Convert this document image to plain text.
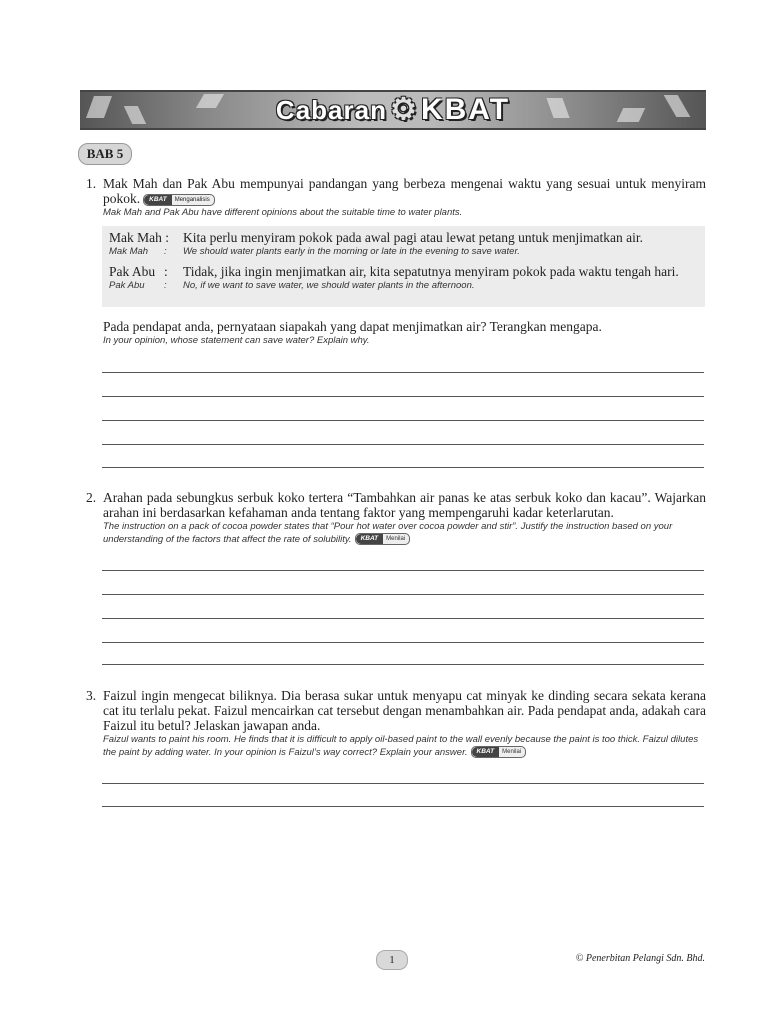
Cabaran ⚙ KBAT
BAB 5
1. Mak Mah dan Pak Abu mempunyai pandangan yang berbeza mengenai waktu yang sesuai untuk menyiram pokok. KBAT Menganalisis
Mak Mah and Pak Abu have different opinions about the suitable time to water plants.
Mak Mah :
Mak Mah :
Kita perlu menyiram pokok pada awal pagi atau lewat petang untuk menjimatkan air.
We should water plants early in the morning or late in the evening to save water.
Pak Abu :
Pak Abu :
Tidak, jika ingin menjimatkan air, kita sepatutnya menyiram pokok pada waktu tengah hari.
No, if we want to save water, we should water plants in the afternoon.
Pada pendapat anda, pernyataan siapakah yang dapat menjimatkan air? Terangkan mengapa.
In your opinion, whose statement can save water? Explain why.
2. Arahan pada sebungkus serbuk koko tertera “Tambahkan air panas ke atas serbuk koko dan kacau”. Wajarkan arahan ini berdasarkan kefahaman anda tentang faktor yang mempengaruhi kadar keterlarutan.
The instruction on a pack of cocoa powder states that “Pour hot water over cocoa powder and stir”. Justify the instruction based on your understanding of the factors that affect the rate of solubility. KBAT Menilai
3. Faizul ingin mengecat biliknya. Dia berasa sukar untuk menyapu cat minyak ke dinding secara sekata kerana cat itu terlalu pekat. Faizul mencairkan cat tersebut dengan menambahkan air. Pada pendapat anda, adakah cara Faizul itu betul? Jelaskan jawapan anda.
Faizul wants to paint his room. He finds that it is difficult to apply oil-based paint to the wall evenly because the paint is too thick. Faizul dilutes the paint by adding water. In your opinion is Faizul’s way correct? Explain your answer. KBAT Menilai
1	© Penerbitan Pelangi Sdn. Bhd.
